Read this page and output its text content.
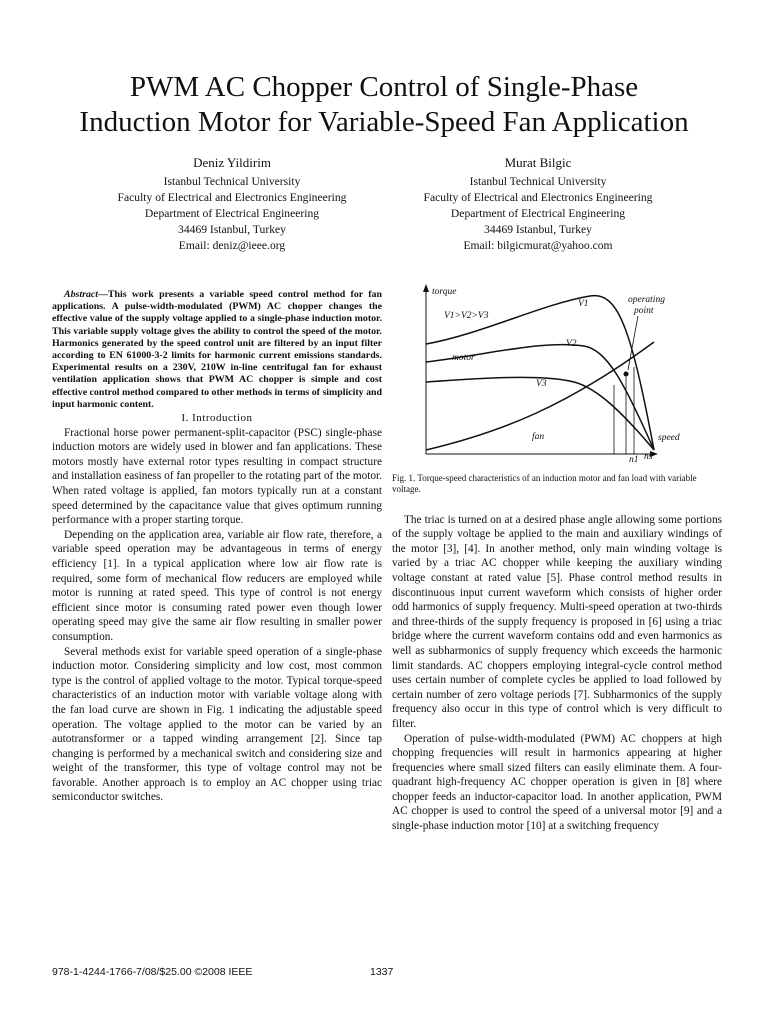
PWM AC Chopper Control of Single-Phase
Induction Motor for Variable-Speed Fan Application
Deniz Yildirim
Istanbul Technical University
Faculty of Electrical and Electronics Engineering
Department of Electrical Engineering
34469 Istanbul, Turkey
Email: deniz@ieee.org
Murat Bilgic
Istanbul Technical University
Faculty of Electrical and Electronics Engineering
Department of Electrical Engineering
34469 Istanbul, Turkey
Email: bilgicmurat@yahoo.com

Abstract—This work presents a variable speed control method for fan applications. A pulse-width-modulated (PWM) AC chopper changes the effective value of the supply voltage applied to a single-phase induction motor. This variable supply voltage gives the ability to control the speed of the motor. Harmonics generated by the speed control unit are filtered by an input filter according to EN 61000-3-2 limits for harmonic current emissions standards. Experimental results on a 230V, 210W in-line centrifugal fan for exhaust ventilation application shows that PWM AC chopper is simple and cost effective control method compared to other methods in terms of simplicity and input harmonic content.

I. Introduction

Fractional horse power permanent-split-capacitor (PSC) single-phase induction motors are widely used in blower and fan applications. These motors mostly have external rotor types resulting in compact structure and installation easiness of fan propeller to the rotating part of the motor. When rated voltage is applied, fan motors typically run at a constant speed determined by the capacitance value that gives optimum running performance with a proper starting torque.

Depending on the application area, variable air flow rate, therefore, a variable speed operation may be advantageous in terms of energy efficiency [1]. In a typical application where low air flow rate is required, some form of mechanical flow reducers are employed while motor is running at rated speed. This type of control is not energy efficient since motor is consuming rated power even though lower operating speed may give the same air flow resulting in smaller power consumption.

Several methods exist for variable speed operation of a single-phase induction motor. Considering simplicity and low cost, most common type is the control of applied voltage to the motor. Typical torque-speed characteristics of an induction motor with variable voltage along with the fan load curve are shown in Fig. 1 indicating the adjustable speed operation. The voltage applied to the motor can be varied by an autotransformer or a tapped winding arrangement [2]. Since tap changing is performed by a mechanical switch and considering size and weight of the transformer, this type of voltage control may not be favorable. Another approach is to employ an AC chopper using triac semiconductor switches.

torque
speed
V1>V2>V3
V1
V2
V3
motor
fan
operating
point
n1 ns

Fig. 1. Torque-speed characteristics of an induction motor and fan load with variable voltage.

The triac is turned on at a desired phase angle allowing some portions of the supply voltage be applied to the main and auxiliary windings of the motor [3], [4]. In another method, only main winding voltage is varied by a triac AC chopper while keeping the auxiliary winding voltage constant at rated value [5]. Phase control method results in discontinuous input current waveform which consists of higher order odd harmonics of supply frequency. Multi-speed operation at two-thirds and three-thirds of the supply frequency is proposed in [6] using a triac bridge where the current waveform contains odd and even harmonics as well as subharmonics of supply frequency which exceeds the harmonic limit standards. AC choppers employing integral-cycle control method uses certain number of complete cycles be applied to load followed by certain number of zero voltage periods [7]. Subharmonics of the supply frequency also occur in this type of control which is very difficult to filter.

Operation of pulse-width-modulated (PWM) AC choppers at high chopping frequencies will result in harmonics appearing at higher frequencies where small sized filters can easily eliminate them. A four-quadrant high-frequency AC chopper operation is given in [8] where chopper feeds an inductor-capacitor load. In another application, PWM AC chopper is used to control the speed of a universal motor [9] and a single-phase induction motor [10] at a switching frequency

978-1-4244-1766-7/08/$25.00 ©2008 IEEE	1337
